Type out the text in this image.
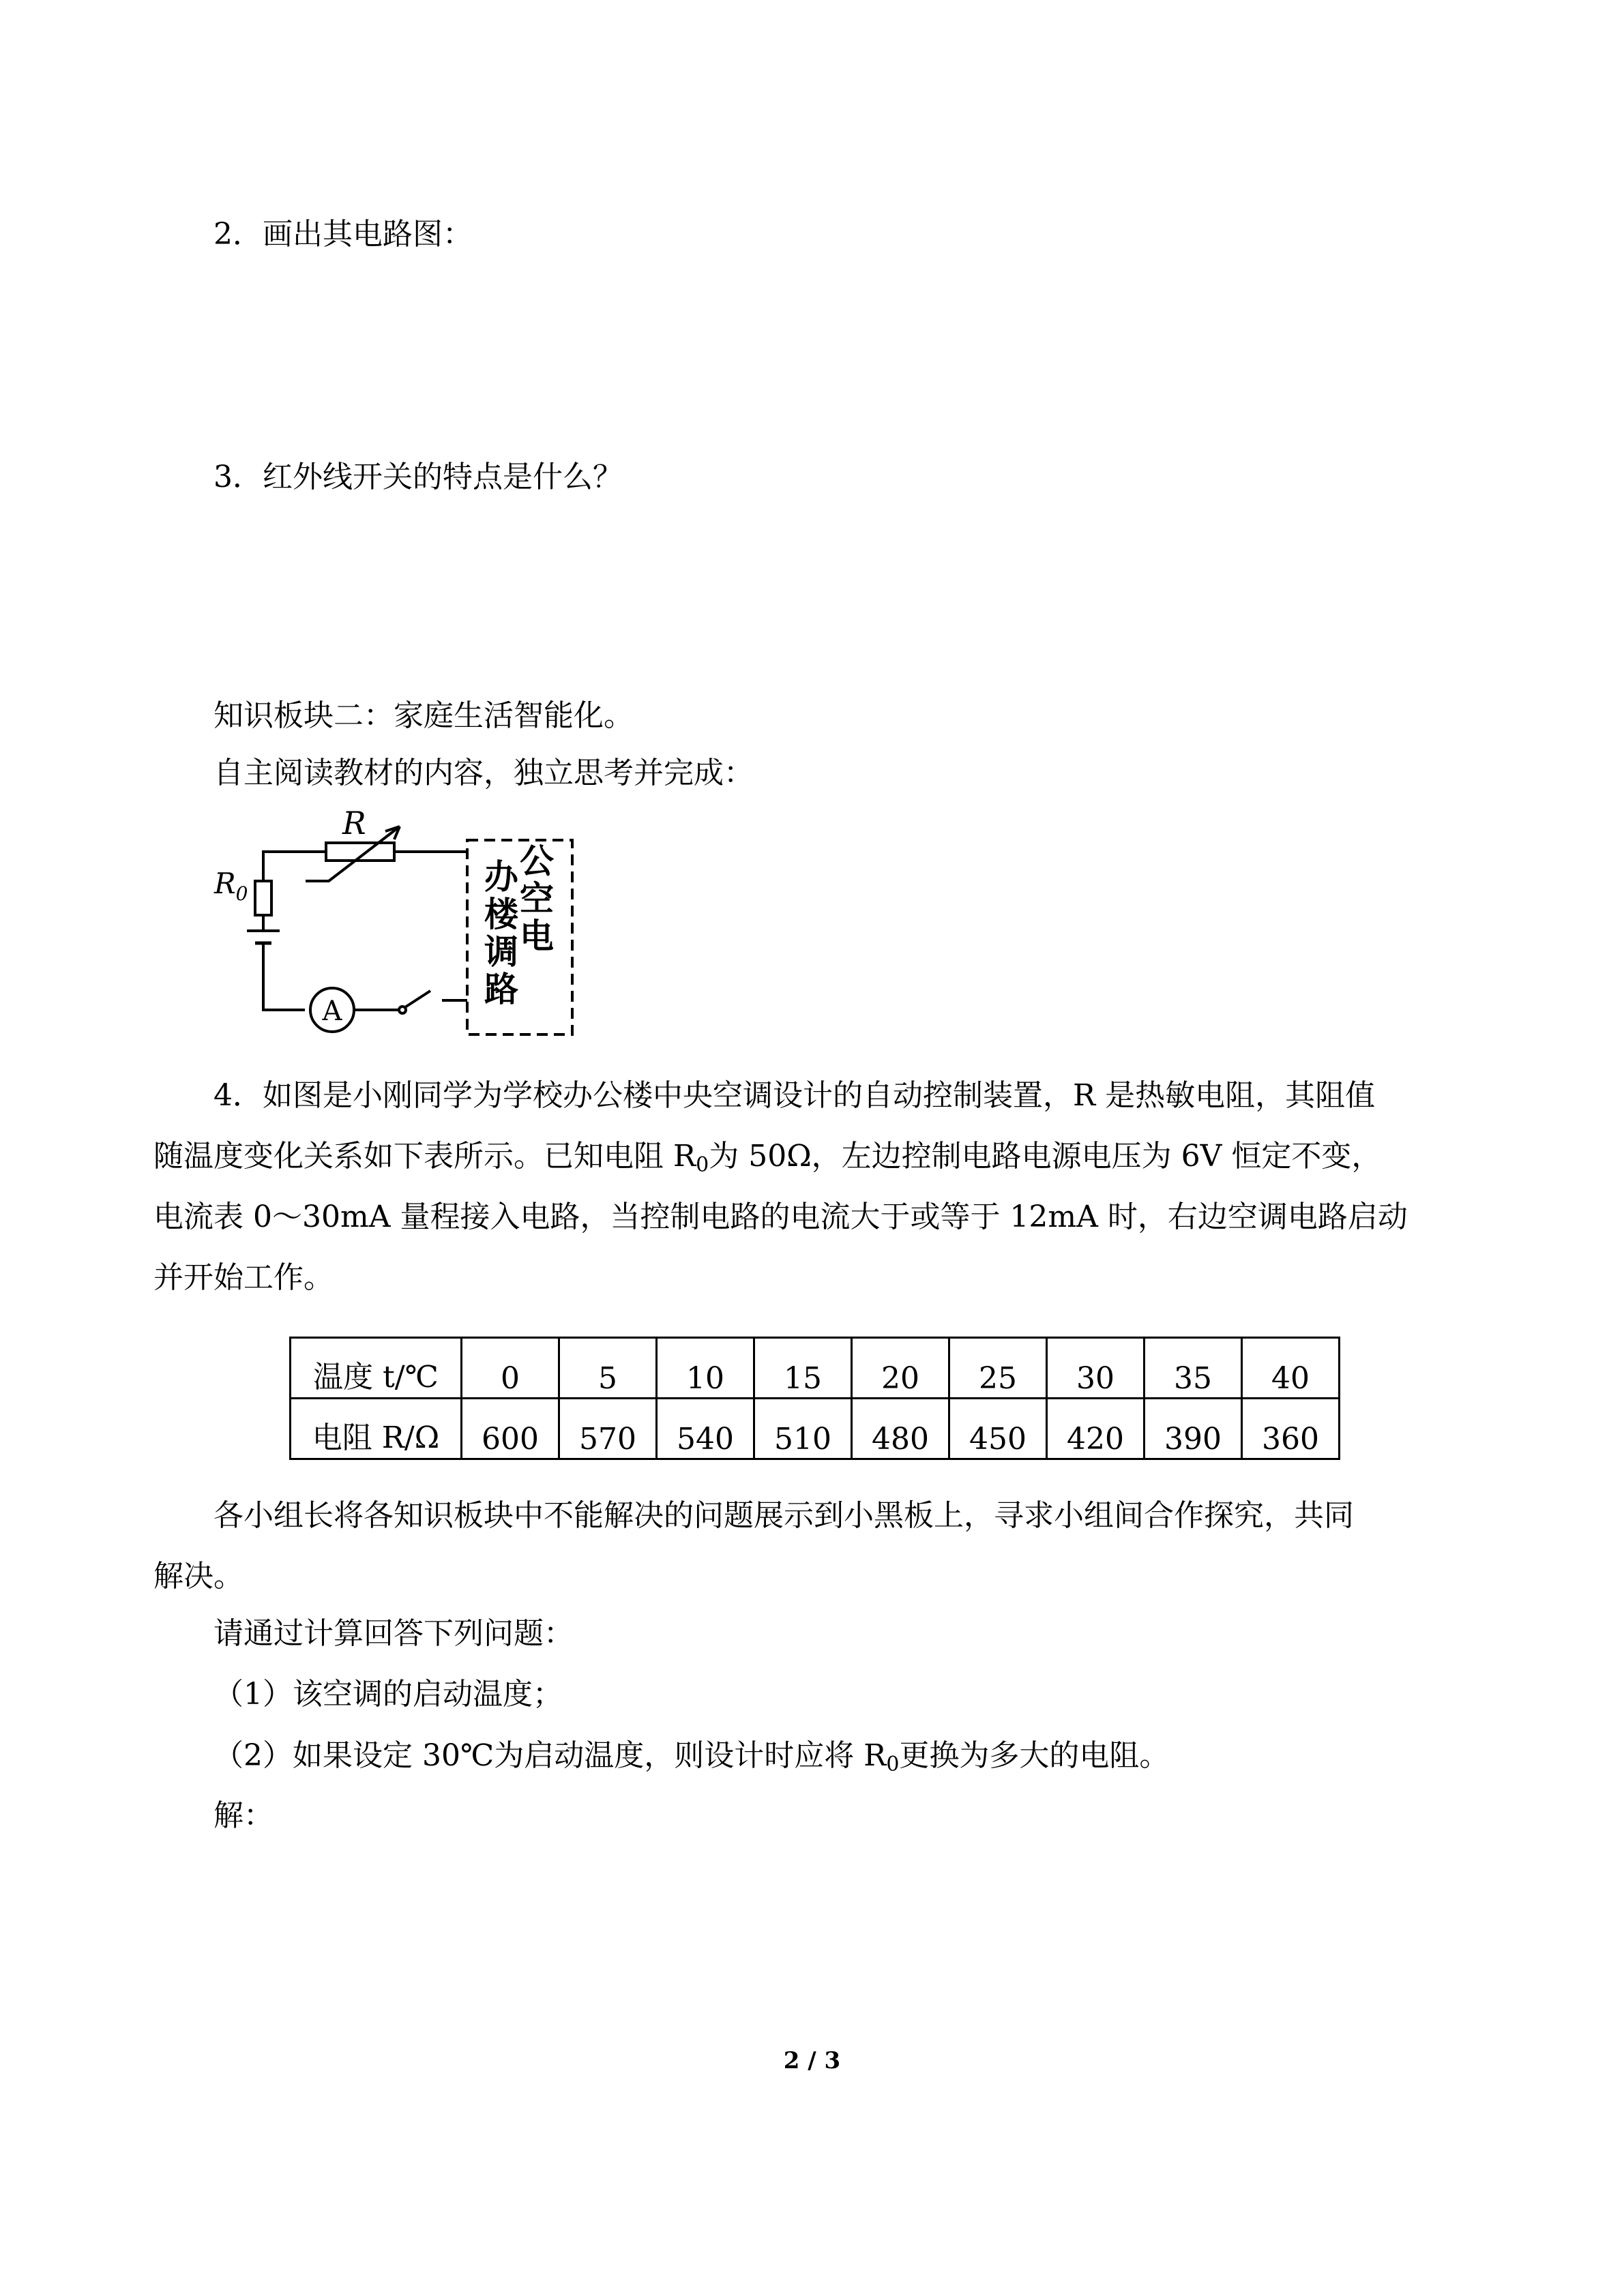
2．画出其电路图：
3．红外线开关的特点是什么？
知识板块二：家庭生活智能化。
自主阅读教材的内容，独立思考并完成：
R
$R_0$
A
办
楼
调
路
公
空
电
4．如图是小刚同学为学校办公楼中央空调设计的自动控制装置，R 是热敏电阻，其阻值
随温度变化关系如下表所示。已知电阻 $R_0$为 50Ω，左边控制电路电源电压为 6V 恒定不变，
电流表 0～30mA 量程接入电路，当控制电路的电流大于或等于 12mA 时，右边空调电路启动
并开始工作。
温度 t/℃	0	5	10	15	20	25	30	35	40
电阻 R/Ω	600	570	540	510	480	450	420	390	360
各小组长将各知识板块中不能解决的问题展示到小黑板上，寻求小组间合作探究，共同
解决。
请通过计算回答下列问题：
（1）该空调的启动温度；
（2）如果设定 30℃为启动温度，则设计时应将 $R_0$更换为多大的电阻。
解：
2 / 3
